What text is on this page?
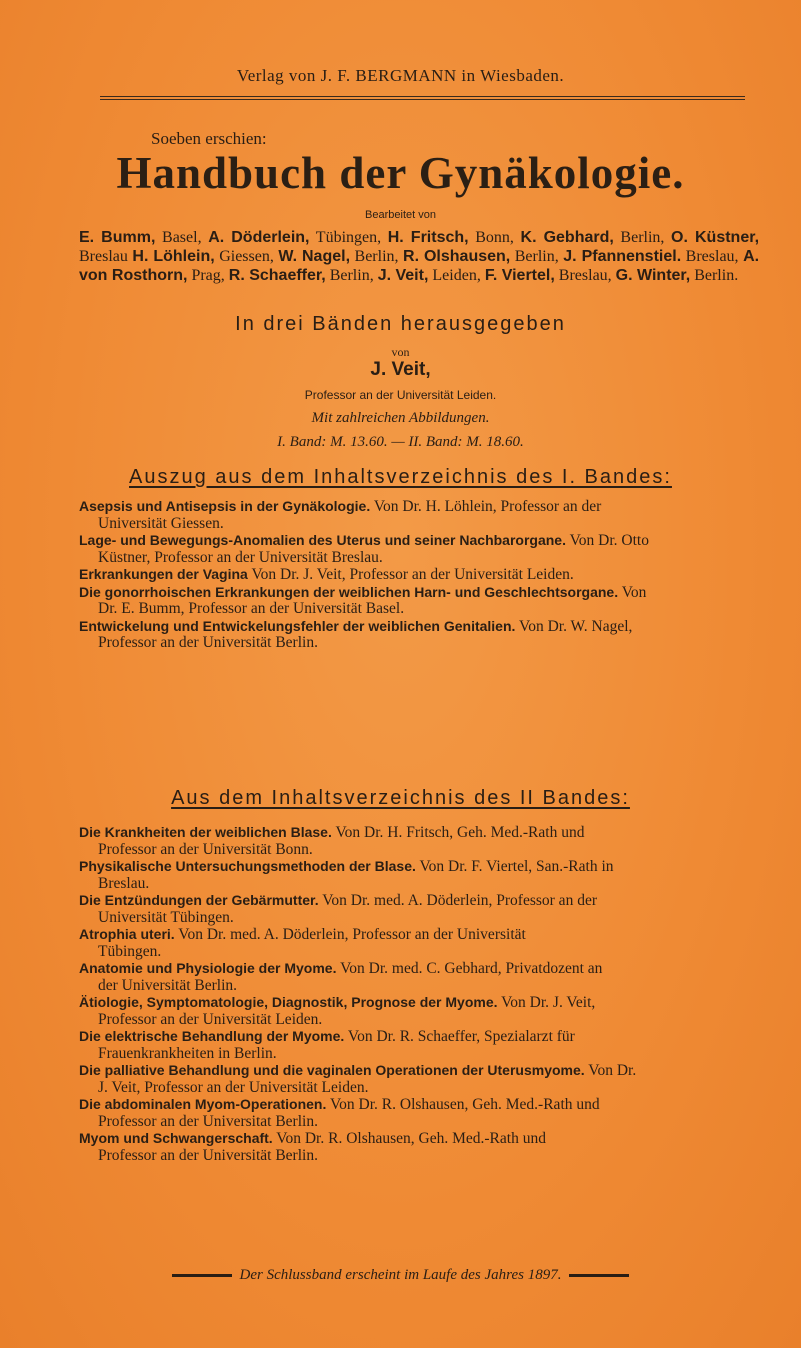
Verlag von J. F. BERGMANN in Wiesbaden.
Soeben erschien:
Handbuch der Gynäkologie.
Bearbeitet von
E. Bumm, Basel, A. Döderlein, Tübingen, H. Fritsch, Bonn, K. Gebhard, Berlin, O. Küstner, Breslau H. Löhlein, Giessen, W. Nagel, Berlin, R. Olshausen, Berlin, J. Pfannenstiel. Breslau, A. von Rosthorn, Prag, R. Schaeffer, Berlin, J. Veit, Leiden, F. Viertel, Breslau, G. Winter, Berlin.
In drei Bänden herausgegeben
von
J. Veit,
Professor an der Universität Leiden.
Mit zahlreichen Abbildungen.
I. Band: M. 13.60. — II. Band: M. 18.60.
Auszug aus dem Inhaltsverzeichnis des I. Bandes:
Asepsis und Antisepsis in der Gynäkologie. Von Dr. H. Löhlein, Professor an der
Universität Giessen.
Lage- und Bewegungs-Anomalien des Uterus und seiner Nachbarorgane. Von Dr. Otto
Küstner, Professor an der Universität Breslau.
Erkrankungen der Vagina Von Dr. J. Veit, Professor an der Universität Leiden.
Die gonorrhoischen Erkrankungen der weiblichen Harn- und Geschlechtsorgane. Von
Dr. E. Bumm, Professor an der Universität Basel.
Entwickelung und Entwickelungsfehler der weiblichen Genitalien. Von Dr. W. Nagel,
Professor an der Universität Berlin.
Aus dem Inhaltsverzeichnis des II Bandes:
Die Krankheiten der weiblichen Blase. Von Dr. H. Fritsch, Geh. Med.-Rath und
Professor an der Universität Bonn.
Physikalische Untersuchungsmethoden der Blase. Von Dr. F. Viertel, San.-Rath in
Breslau.
Die Entzündungen der Gebärmutter. Von Dr. med. A. Döderlein, Professor an der
Universität Tübingen.
Atrophia uteri. Von Dr. med. A. Döderlein, Professor an der Universität
Tübingen.
Anatomie und Physiologie der Myome. Von Dr. med. C. Gebhard, Privatdozent an
der Universität Berlin.
Ätiologie, Symptomatologie, Diagnostik, Prognose der Myome. Von Dr. J. Veit,
Professor an der Universität Leiden.
Die elektrische Behandlung der Myome. Von Dr. R. Schaeffer, Spezialarzt für
Frauenkrankheiten in Berlin.
Die palliative Behandlung und die vaginalen Operationen der Uterusmyome. Von Dr.
J. Veit, Professor an der Universität Leiden.
Die abdominalen Myom-Operationen. Von Dr. R. Olshausen, Geh. Med.-Rath und
Professor an der Universitat Berlin.
Myom und Schwangerschaft. Von Dr. R. Olshausen, Geh. Med.-Rath und
Professor an der Universität Berlin.
Der Schlussband erscheint im Laufe des Jahres 1897.
